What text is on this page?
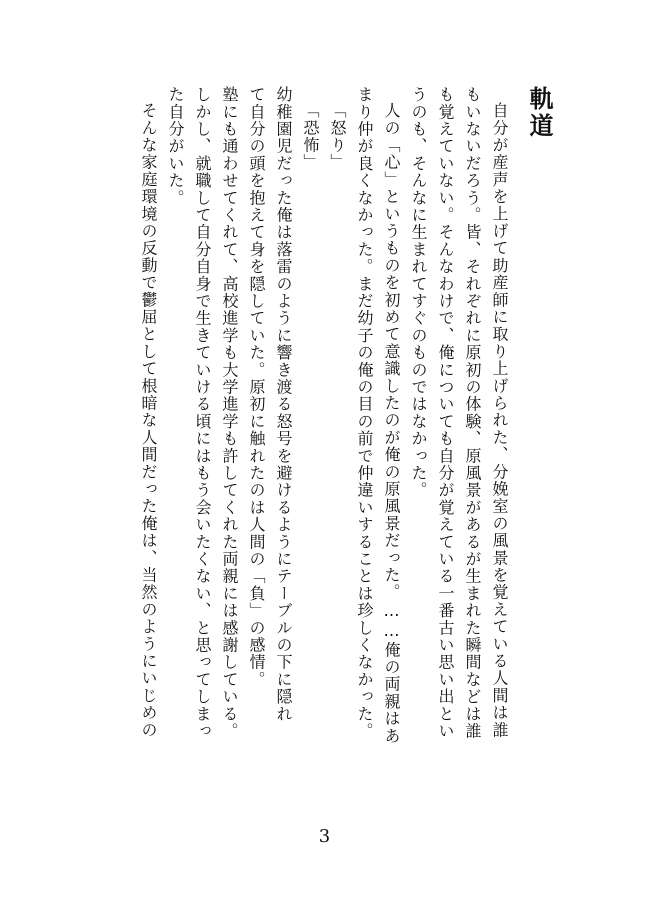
軌道

自分が産声を上げて助産師に取り上げられた、分娩室の風景を覚えている人間は誰

もいないだろう。皆、それぞれに原初の体験、原風景があるが生まれた瞬間などは誰

も覚えていない。そんなわけで、俺についても自分が覚えている一番古い思い出とい

うのも、そんなに生まれてすぐのものではなかった。

人の「心」というものを初めて意識したのが俺の原風景だった。……俺の両親はあ

まり仲が良くなかった。まだ幼子の俺の目の前で仲違いすることは珍しくなかった。

「怒り」

「恐怖」

幼稚園児だった俺は落雷のように響き渡る怒号を避けるようにテーブルの下に隠れ

て自分の頭を抱えて身を隠していた。原初に触れたのは人間の「負」の感情。

塾にも通わせてくれて、高校進学も大学進学も許してくれた両親には感謝している。

しかし、就職して自分自身で生きていける頃にはもう会いたくない、と思ってしまっ

た自分がいた。

そんな家庭環境の反動で鬱屈として根暗な人間だった俺は、当然のようにいじめの

3
